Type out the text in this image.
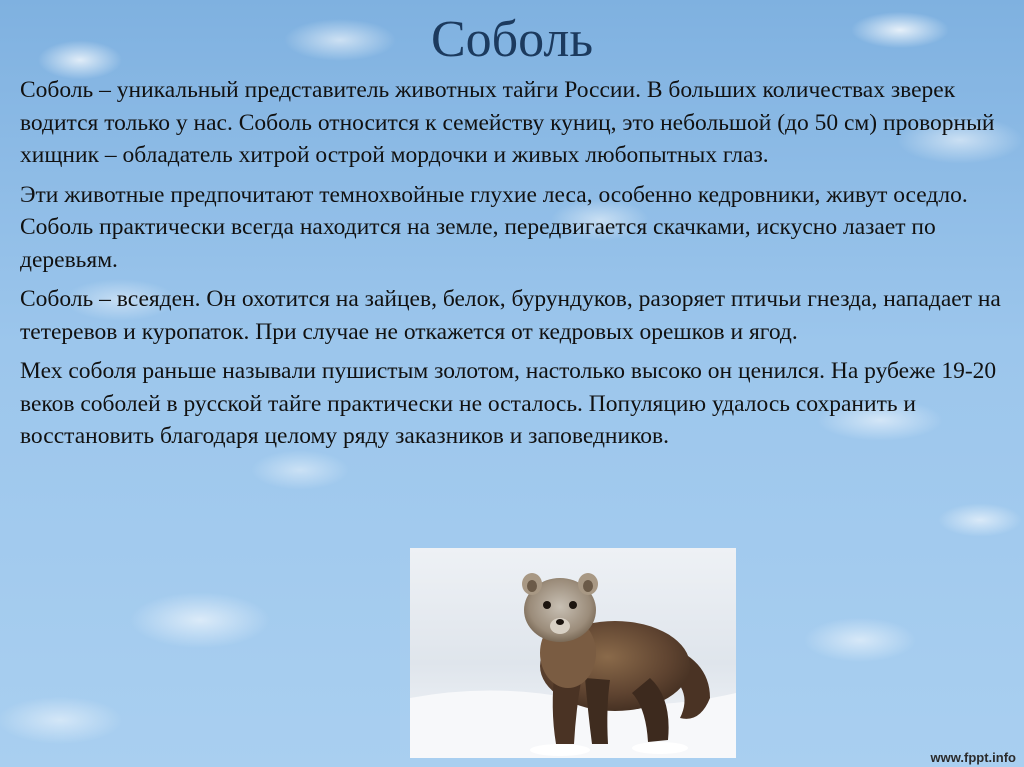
Соболь

Соболь – уникальный представитель животных тайги России. В больших количествах зверек водится только у нас. Соболь относится к семейству куниц, это небольшой (до 50 см) проворный хищник – обладатель хитрой острой мордочки и живых любопытных глаз.

Эти животные предпочитают темнохвойные глухие леса, особенно кедровники, живут оседло. Соболь практически всегда находится на земле, передвигается скачками, искусно лазает по деревьям.

Соболь – всеяден. Он охотится на зайцев, белок, бурундуков, разоряет птичьи гнезда, нападает на тетеревов и куропаток. При случае не откажется от кедровых орешков и ягод.

Мех соболя раньше называли пушистым золотом, настолько высоко он ценился. На рубеже 19-20 веков соболей в русской тайге практически не осталось. Популяцию удалось сохранить и восстановить благодаря целому ряду заказников и заповедников.

www.fppt.info
